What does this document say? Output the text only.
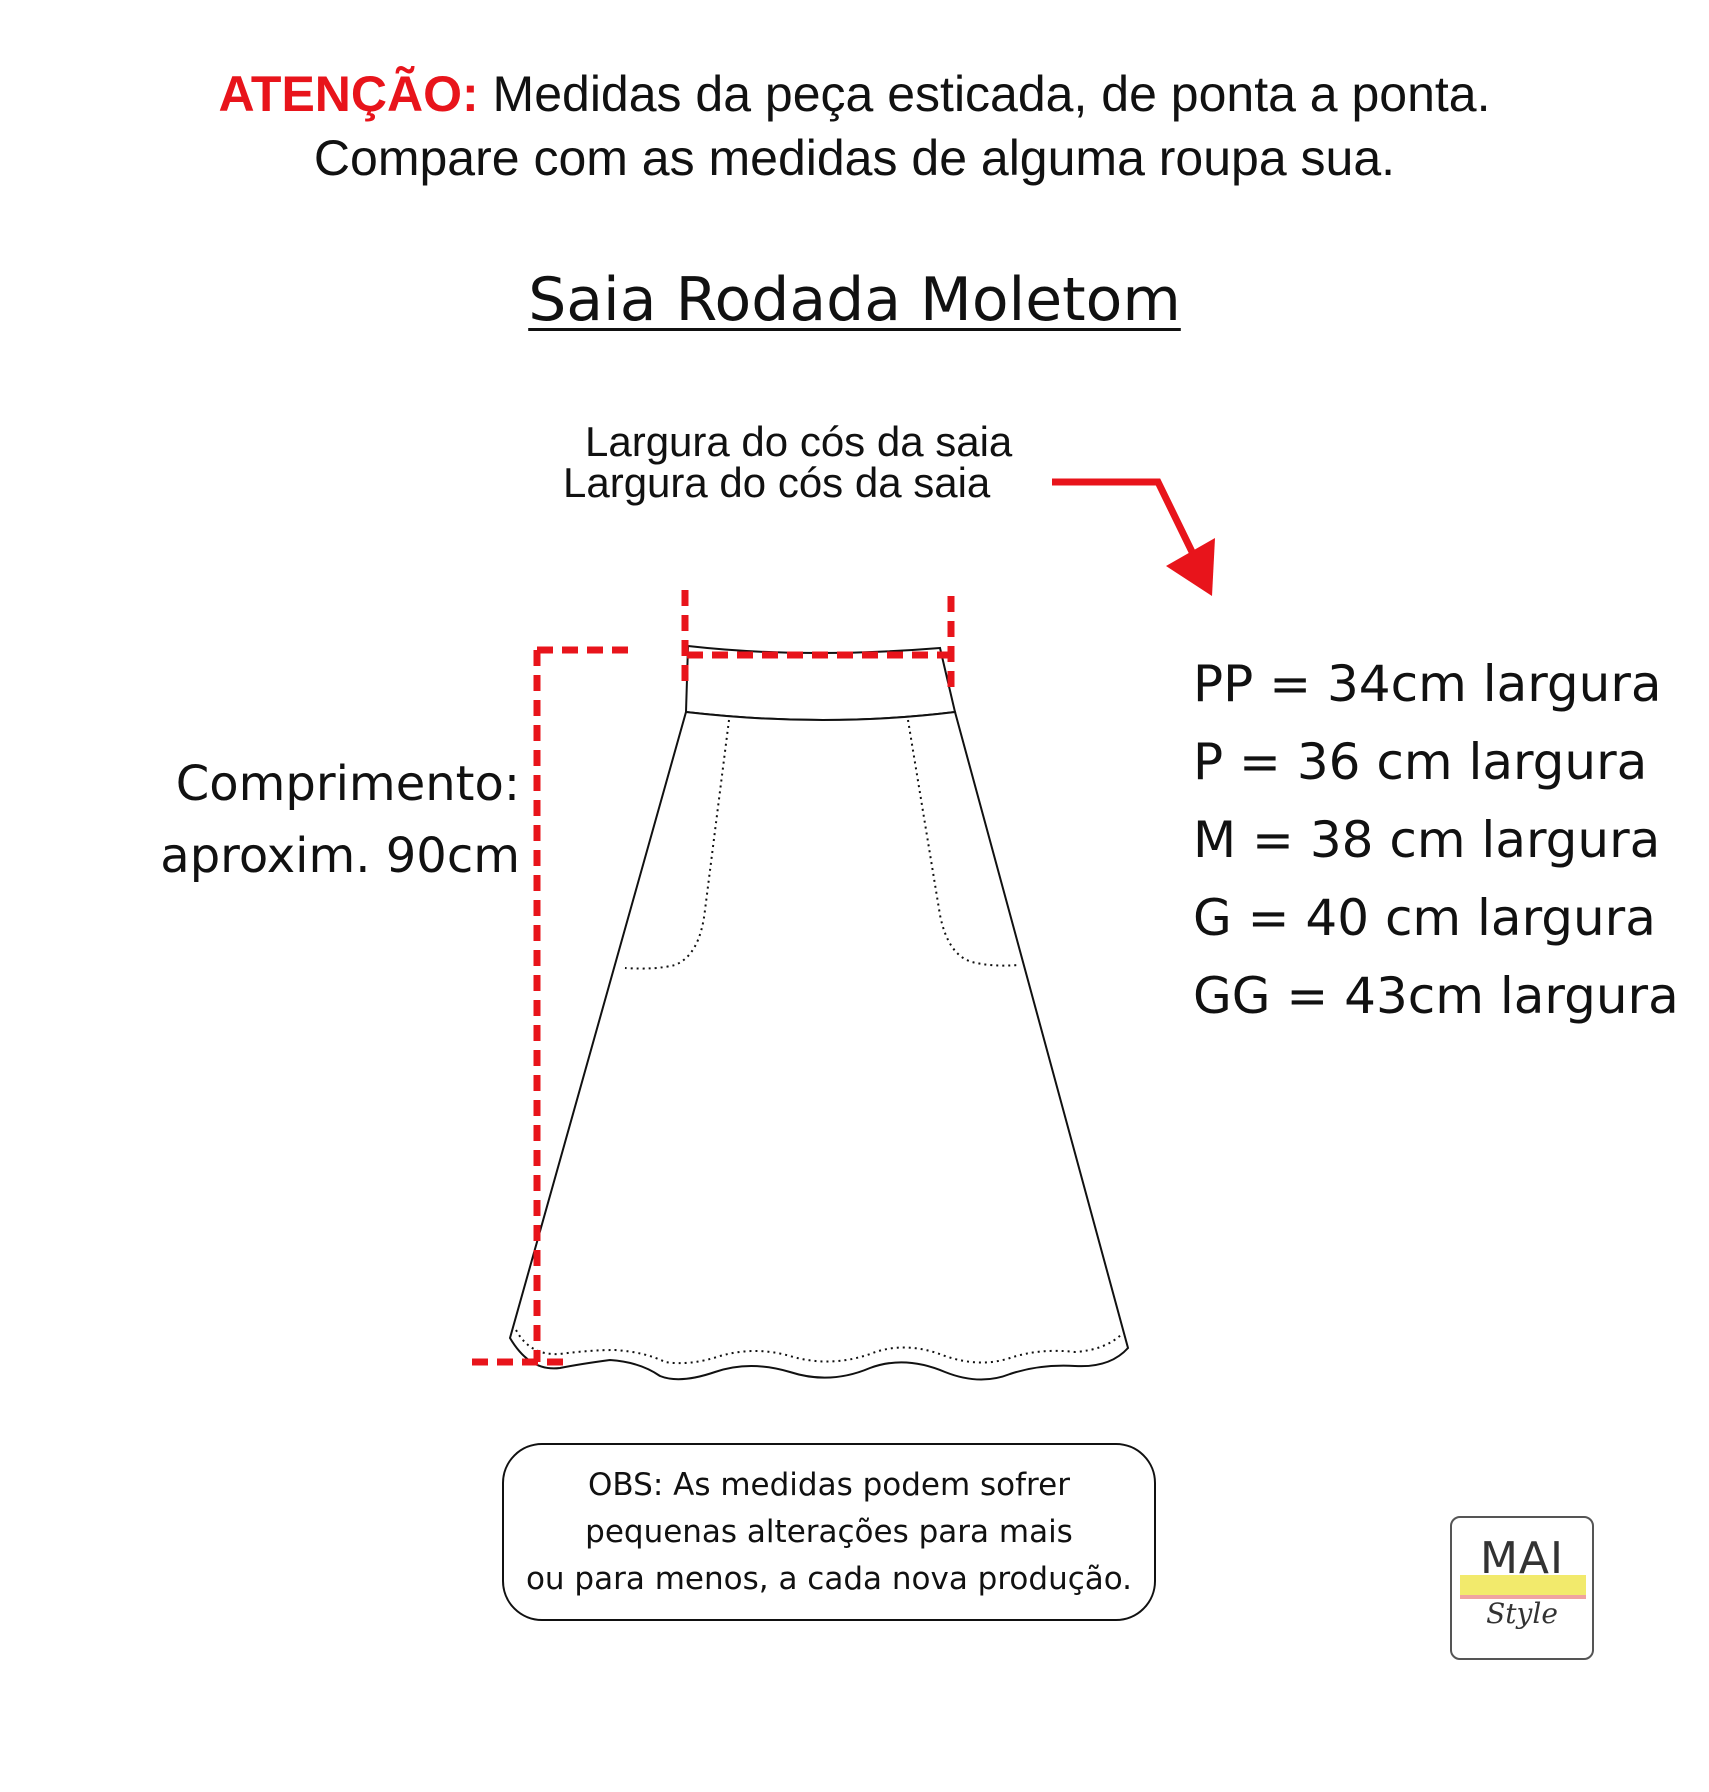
ATENÇÃO: Medidas da peça esticada, de ponta a ponta.
Compare com as medidas de alguma roupa sua.
Saia Rodada Moletom
Largura do cós da saia
Largura do cós da saia
Comprimento:
aproxim. 90cm
PP = 34cm largura
P = 36 cm largura
M = 38 cm largura
G = 40 cm largura
GG = 43cm largura
OBS: As medidas podem sofrer
pequenas alterações para mais
ou para menos, a cada nova produção.	MAI
Style
